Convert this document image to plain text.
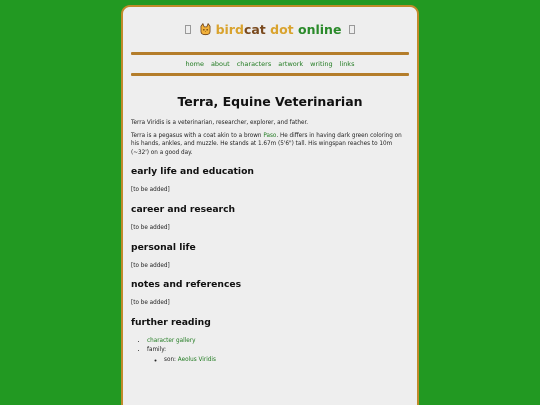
birdcat dot online
home about characters artwork writing links
Terra, Equine Veterinarian

Terra Viridis is a veterinarian, researcher, explorer, and father.

Terra is a pegasus with a coat akin to a brown Paso. He differs in having dark green coloring on his hands, ankles, and muzzle. He stands at 1.67m (5'6") tall. His wingspan reaches to 10m (~32') on a good day.

early life and education

[to be added]

career and research

[to be added]

personal life

[to be added]

notes and references

[to be added]

further reading
• character gallery
• family:
◦ son: Aeolus Viridis
